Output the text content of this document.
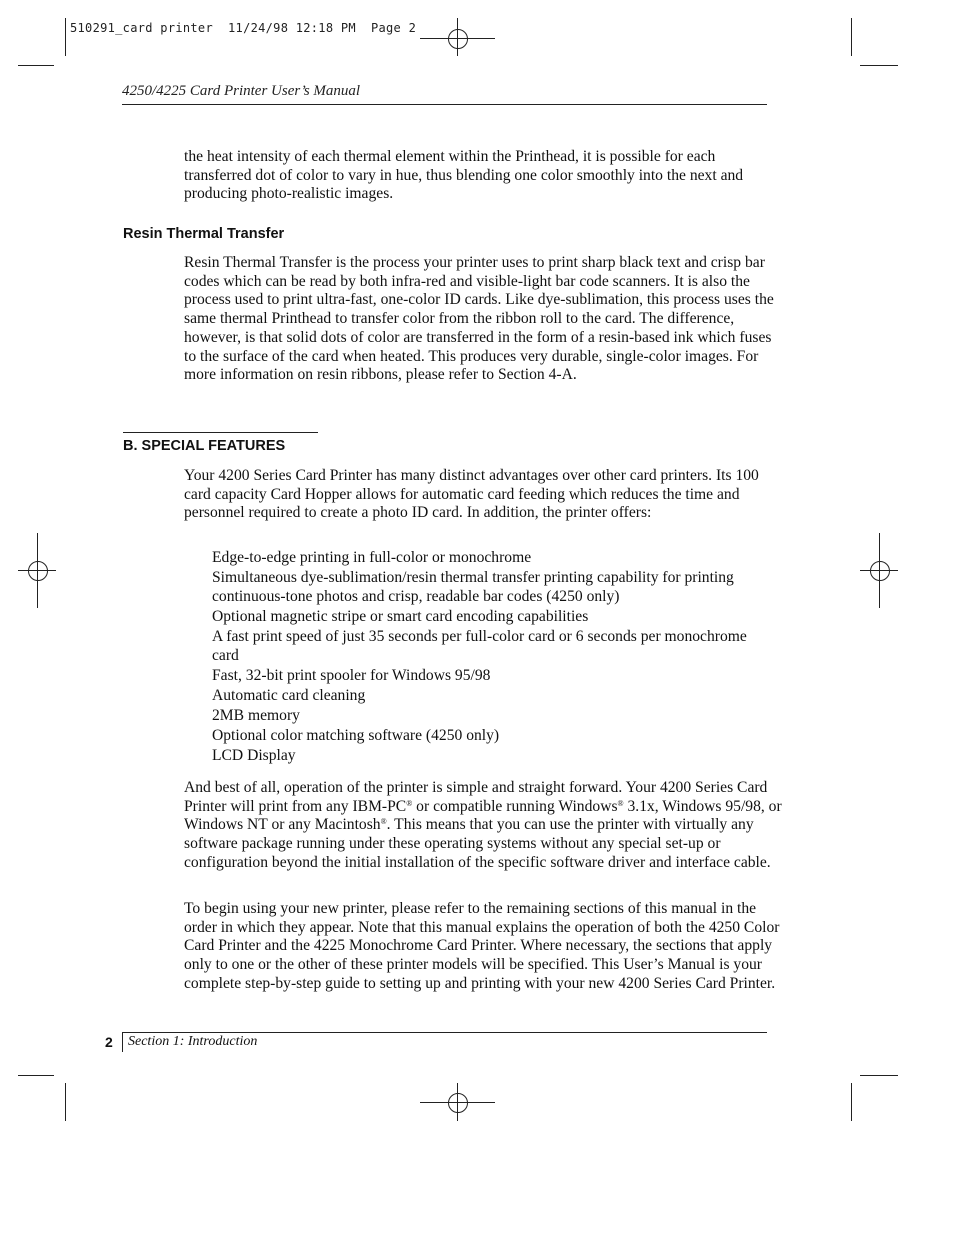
510291_card printer  11/24/98 12:18 PM  Page 2
4250/4225 Card Printer User’s Manual
the heat intensity of each thermal element within the Printhead, it is possible for each transferred dot of color to vary in hue, thus blending one color smoothly into the next and producing photo-realistic images.
Resin Thermal Transfer
Resin Thermal Transfer is the process your printer uses to print sharp black text and crisp bar codes which can be read by both infra-red and visible-light bar code scanners. It is also the process used to print ultra-fast, one-color ID cards. Like dye-sublimation, this process uses the same thermal Printhead to transfer color from the ribbon roll to the card. The difference, however, is that solid dots of color are transferred in the form of a resin-based ink which fuses to the surface of the card when heated. This produces very durable, single-color images. For more information on resin ribbons, please refer to Section 4-A.
B. SPECIAL FEATURES
Your 4200 Series Card Printer has many distinct advantages over other card printers. Its 100 card capacity Card Hopper allows for automatic card feeding which reduces the time and personnel required to create a photo ID card. In addition, the printer offers:
Edge-to-edge printing in full-color or monochrome
Simultaneous dye-sublimation/resin thermal transfer printing capability for printing continuous-tone photos and crisp, readable bar codes (4250 only)
Optional magnetic stripe or smart card encoding capabilities
A fast print speed of just 35 seconds per full-color card or 6 seconds per monochrome card
Fast, 32-bit print spooler for Windows 95/98
Automatic card cleaning
2MB memory
Optional color matching software (4250 only)
LCD Display
And best of all, operation of the printer is simple and straight forward. Your 4200 Series Card Printer will print from any IBM-PC® or compatible running Windows® 3.1x, Windows 95/98, or Windows NT or any Macintosh®. This means that you can use the printer with virtually any software package running under these operating systems without any special set-up or configuration beyond the initial installation of the specific software driver and interface cable.
To begin using your new printer, please refer to the remaining sections of this manual in the order in which they appear. Note that this manual explains the operation of both the 4250 Color Card Printer and the 4225 Monochrome Card Printer. Where necessary, the sections that apply only to one or the other of these printer models will be specified. This User’s Manual is your complete step-by-step guide to setting up and printing with your new 4200 Series Card Printer.
2 Section 1: Introduction
